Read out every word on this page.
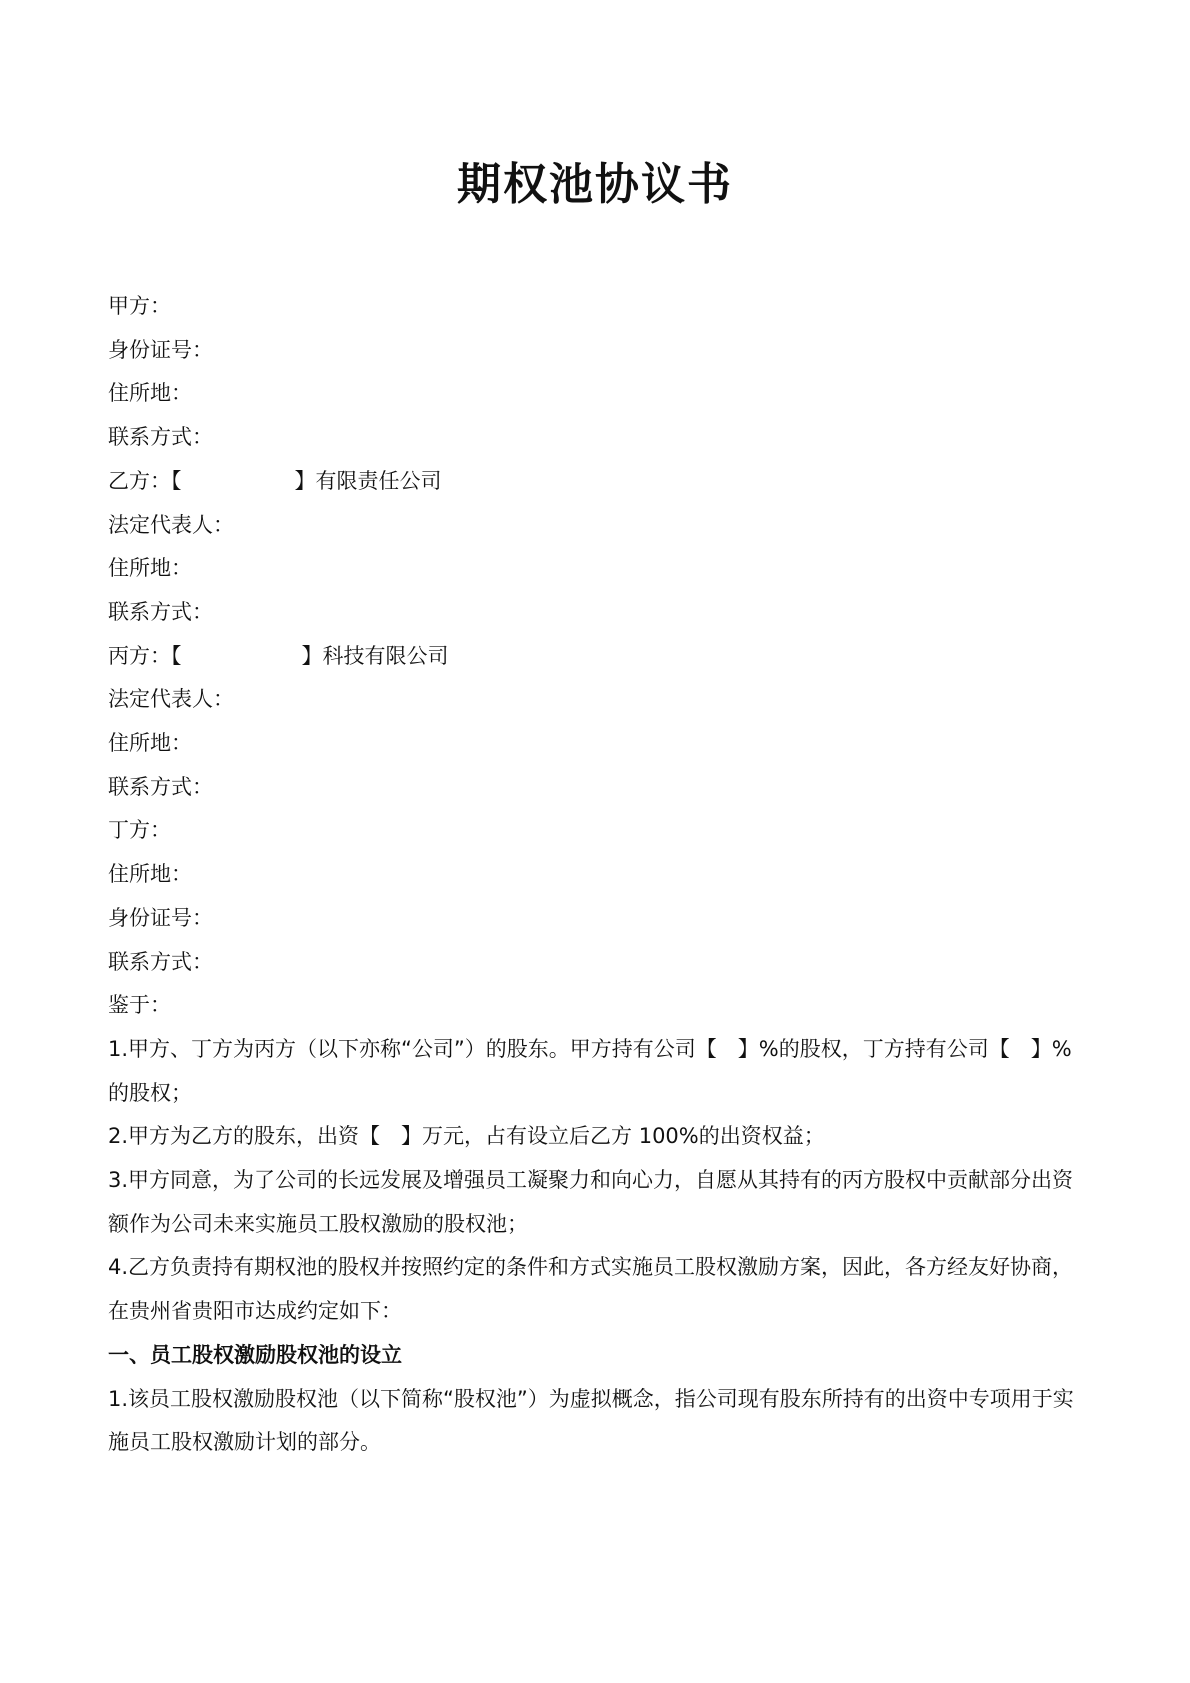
期权池协议书
甲方：
身份证号：
住所地：
联系方式：
乙方：【	】有限责任公司
法定代表人：
住所地：
联系方式：
丙方：【	】科技有限公司
法定代表人：
住所地：
联系方式：
丁方：
住所地：
身份证号：
联系方式：
鉴于：
1.甲方、丁方为丙方（以下亦称“公司”）的股东。甲方持有公司【　】%的股权，丁方持有公司【　】%的股权；
2.甲方为乙方的股东，出资【　】万元，占有设立后乙方 100%的出资权益；
3.甲方同意，为了公司的长远发展及增强员工凝聚力和向心力，自愿从其持有的丙方股权中贡献部分出资额作为公司未来实施员工股权激励的股权池；
4.乙方负责持有期权池的股权并按照约定的条件和方式实施员工股权激励方案，因此，各方经友好协商，在贵州省贵阳市达成约定如下：
一、员工股权激励股权池的设立
1.该员工股权激励股权池（以下简称“股权池”）为虚拟概念，指公司现有股东所持有的出资中专项用于实施员工股权激励计划的部分。
